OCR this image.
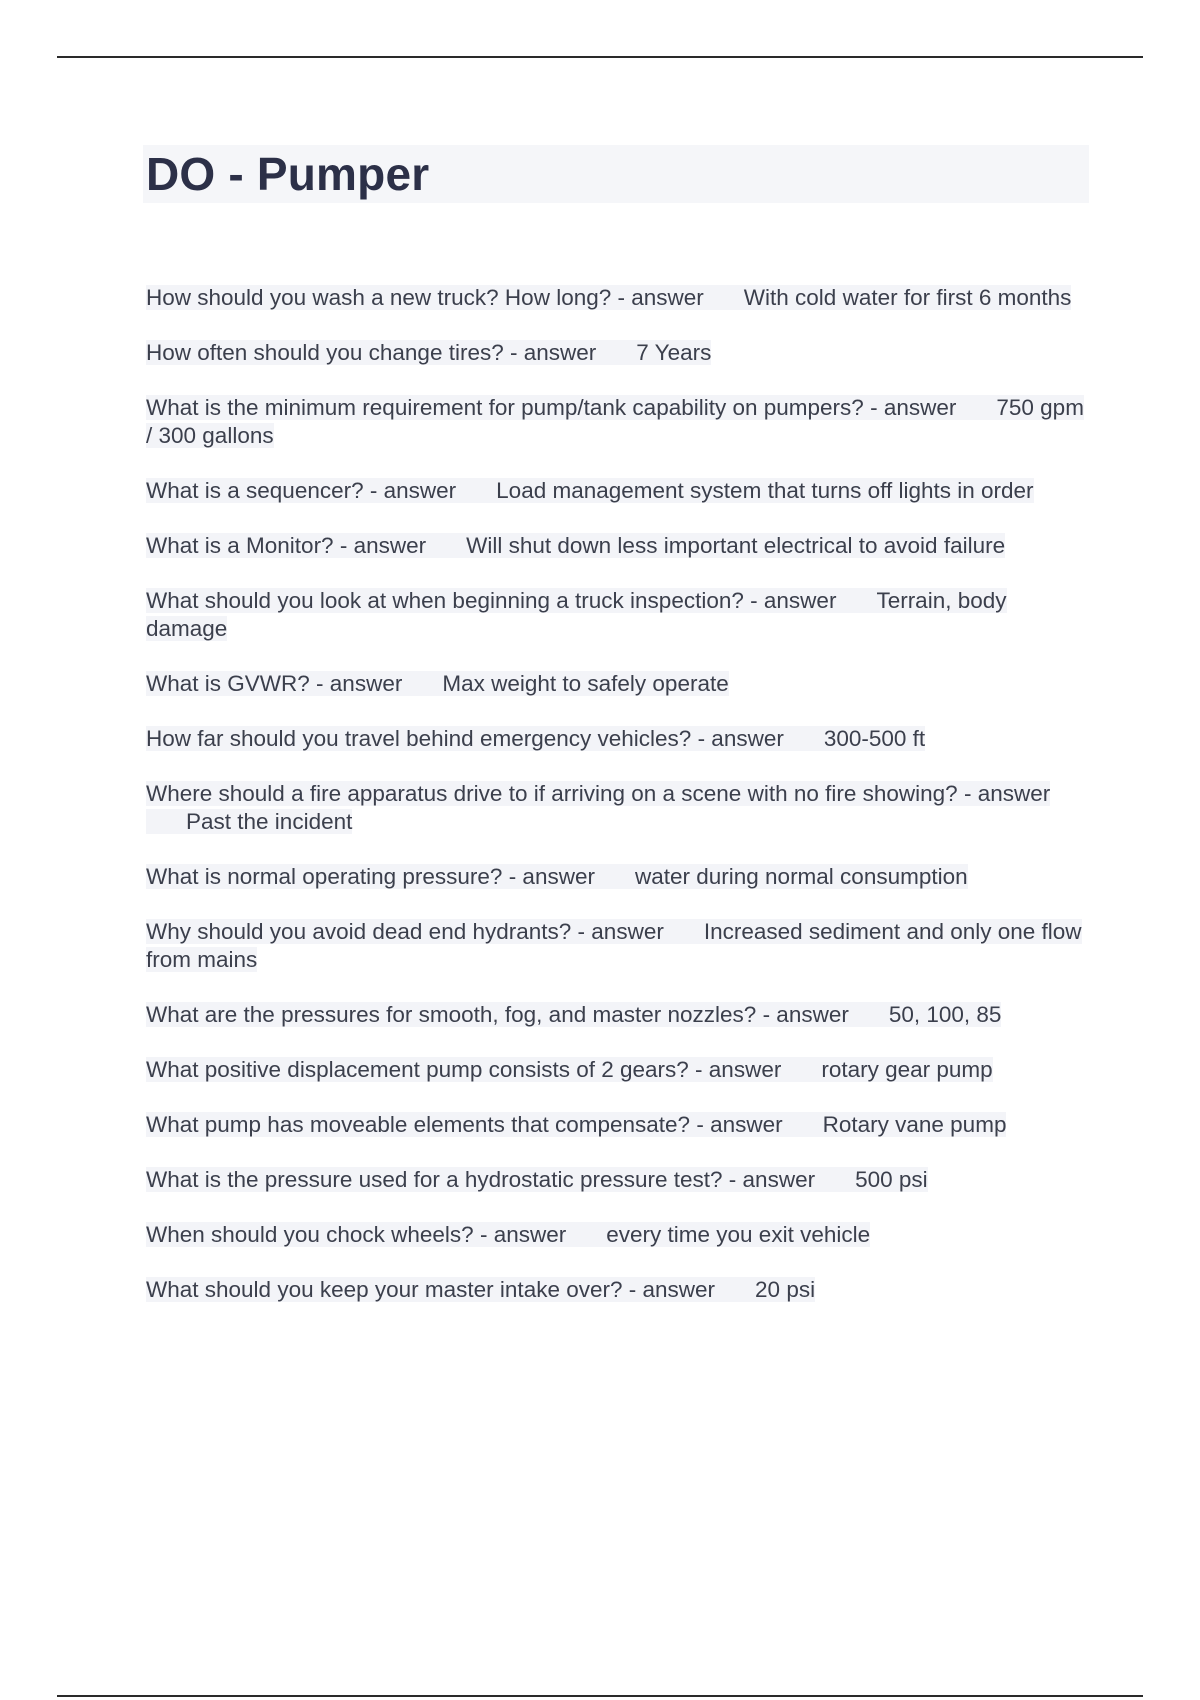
DO - Pumper
How should you wash a new truck? How long? - answer With cold water for first 6 months
How often should you change tires? - answer 7 Years
What is the minimum requirement for pump/tank capability on pumpers? - answer 750 gpm / 300 gallons
What is a sequencer? - answer Load management system that turns off lights in order
What is a Monitor? - answer Will shut down less important electrical to avoid failure
What should you look at when beginning a truck inspection? - answer Terrain, body damage
What is GVWR? - answer Max weight to safely operate
How far should you travel behind emergency vehicles? - answer 300-500 ft
Where should a fire apparatus drive to if arriving on a scene with no fire showing? - answerPast the incident
What is normal operating pressure? - answer water during normal consumption
Why should you avoid dead end hydrants? - answer Increased sediment and only one flow from mains
What are the pressures for smooth, fog, and master nozzles? - answer 50, 100, 85
What positive displacement pump consists of 2 gears? - answer rotary gear pump
What pump has moveable elements that compensate? - answer Rotary vane pump
What is the pressure used for a hydrostatic pressure test? - answer 500 psi
When should you chock wheels? - answer every time you exit vehicle
What should you keep your master intake over? - answer 20 psi
